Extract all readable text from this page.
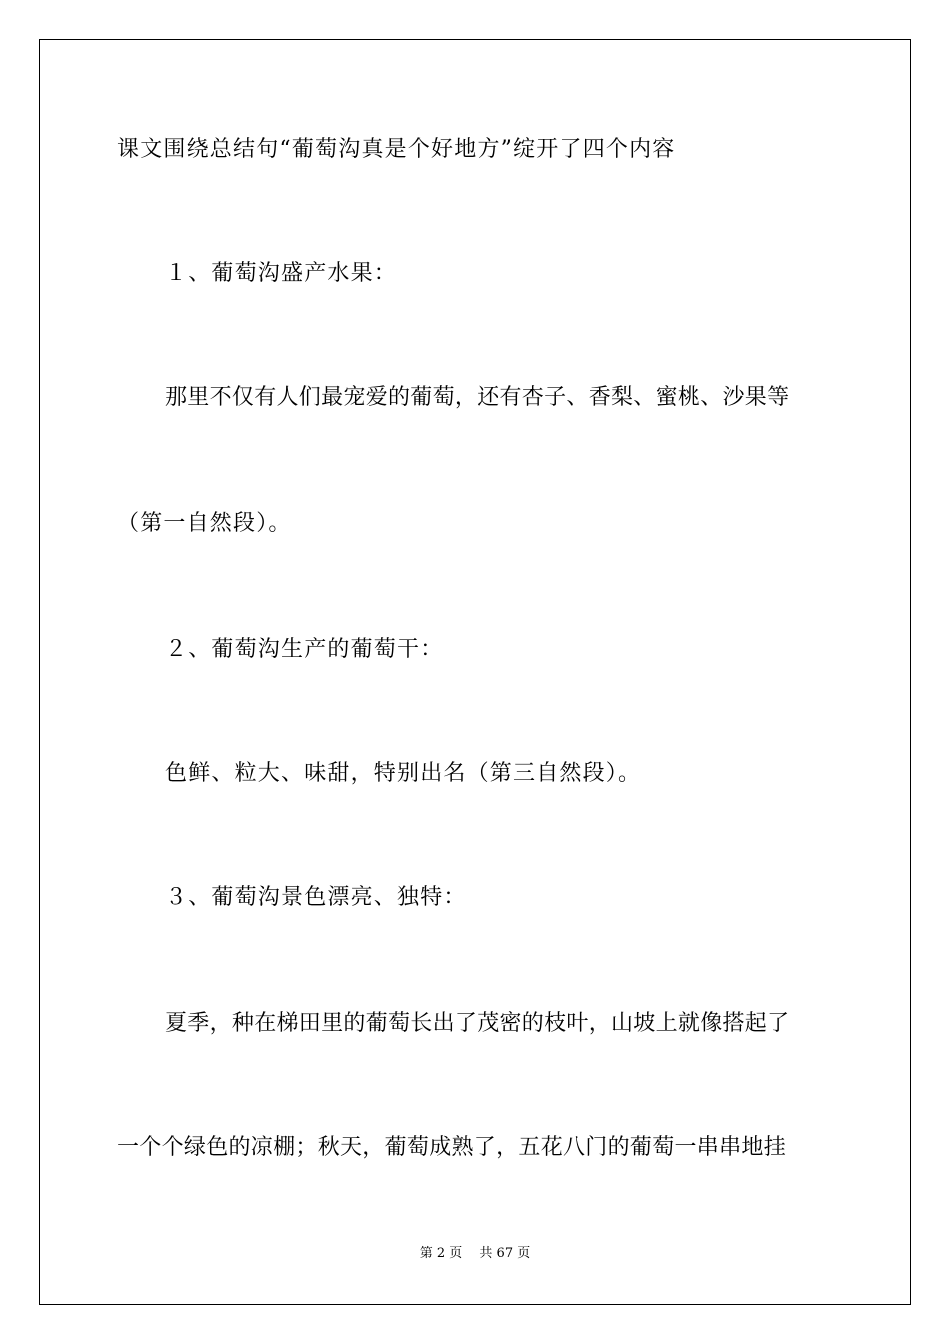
课文围绕总结句“葡萄沟真是个好地方”绽开了四个内容
１、葡萄沟盛产水果：
那里不仅有人们最宠爱的葡萄，还有杏子、香梨、蜜桃、沙果等
（第一自然段）。
２、葡萄沟生产的葡萄干：
色鲜、粒大、味甜，特别出名（第三自然段）。
３、葡萄沟景色漂亮、独特：
夏季，种在梯田里的葡萄长出了茂密的枝叶，山坡上就像搭起了
一个个绿色的凉棚；秋天，葡萄成熟了，五花八门的葡萄一串串地挂
第 2 页　 共 67 页
